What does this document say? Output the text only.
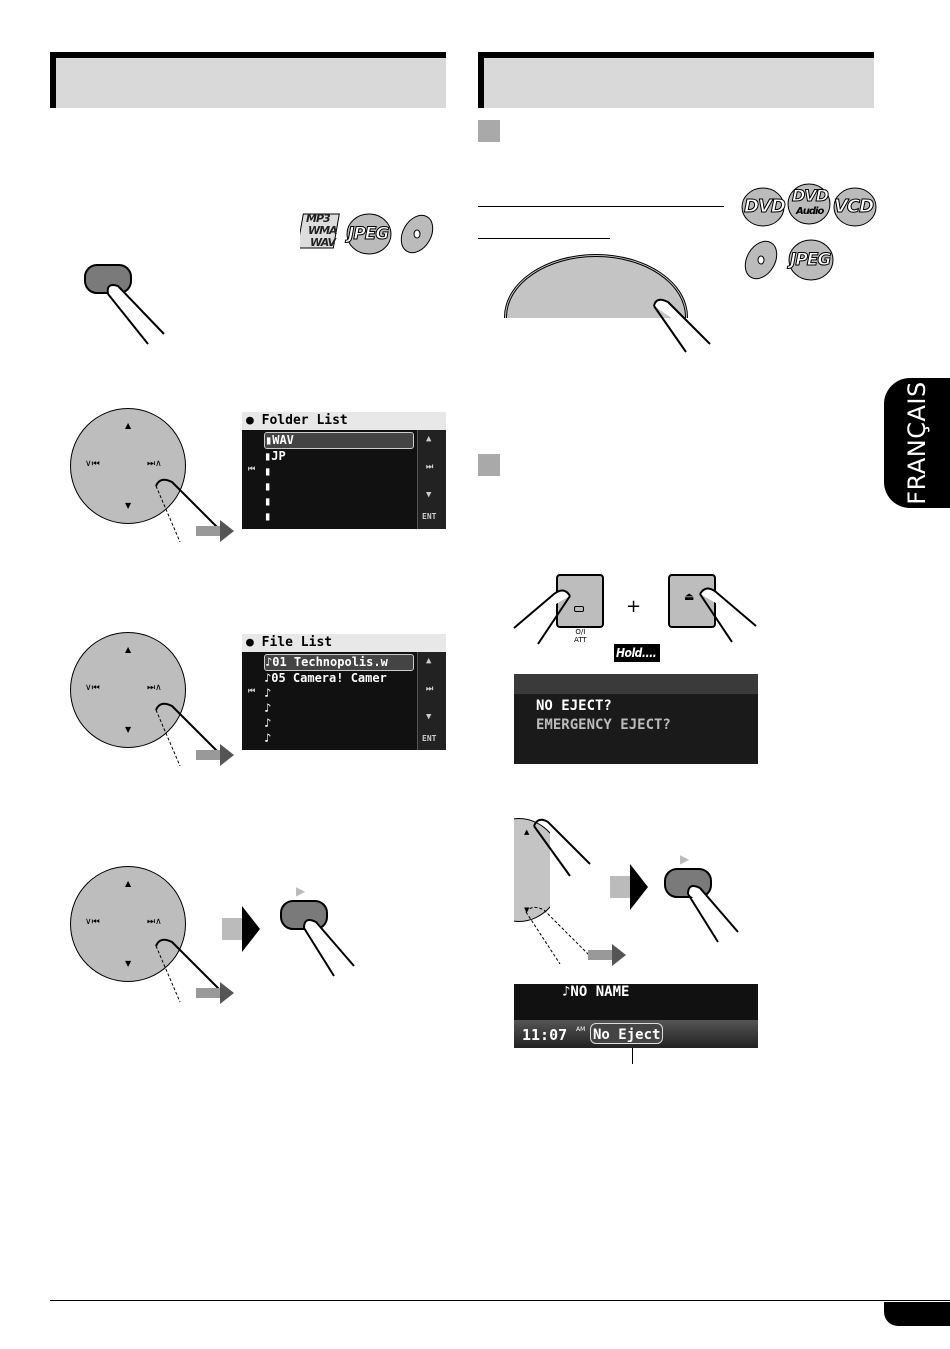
FRANÇAIS
MP3
WMA
WAV JPEG
▲
▼
∨⏮	⏭∧
● Folder List
▮WAV
▮JP
▮
▮
▮
▮
⏮
▲
⏭
▼
ENT
▲
▼
∨⏮	⏭∧
● File List
♪01 Technopolis.w
♪05 Camera! Camer
♪
♪
♪
♪
⏮
▲
⏭
▼
ENT
▲
▼
∨⏮	⏭∧
▶
DVD
DVD
Audio VCD
JPEG
Ö/I
ATT
+	⏏
Hold....
NO EJECT?
EMERGENCY EJECT?
▲
▼
▶
♪NO NAME
11:07 AM No Eject
